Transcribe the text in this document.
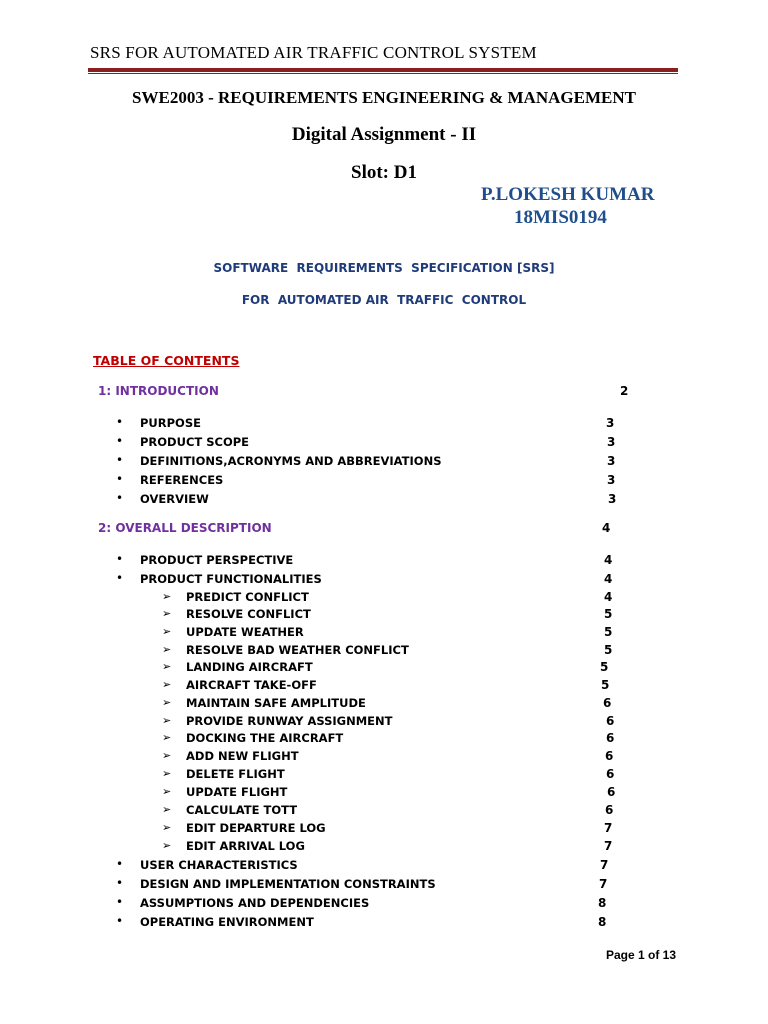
SRS FOR AUTOMATED AIR TRAFFIC CONTROL SYSTEM
SWE2003 - REQUIREMENTS ENGINEERING & MANAGEMENT
Digital Assignment - II
Slot: D1
P.LOKESH KUMAR
18MIS0194
SOFTWARE  REQUIREMENTS  SPECIFICATION [SRS]
FOR  AUTOMATED AIR  TRAFFIC  CONTROL
TABLE OF CONTENTS
1: INTRODUCTION	2
• PURPOSE	3
• PRODUCT SCOPE	3
• DEFINITIONS,ACRONYMS AND ABBREVIATIONS	3
• REFERENCES	3
• OVERVIEW	3
2: OVERALL DESCRIPTION	4
• PRODUCT PERSPECTIVE	4
• PRODUCT FUNCTIONALITIES	4
➢ PREDICT CONFLICT	4
➢ RESOLVE CONFLICT	5
➢ UPDATE WEATHER	5
➢ RESOLVE BAD WEATHER CONFLICT	5
➢ LANDING AIRCRAFT	5
➢ AIRCRAFT TAKE-OFF	5
➢ MAINTAIN SAFE AMPLITUDE	6
➢ PROVIDE RUNWAY ASSIGNMENT	6
➢ DOCKING THE AIRCRAFT	6
➢ ADD NEW FLIGHT	6
➢ DELETE FLIGHT	6
➢ UPDATE FLIGHT	6
➢ CALCULATE TOTT	6
➢ EDIT DEPARTURE LOG	7
➢ EDIT ARRIVAL LOG	7
• USER CHARACTERISTICS	7
• DESIGN AND IMPLEMENTATION CONSTRAINTS	7
• ASSUMPTIONS AND DEPENDENCIES	8
• OPERATING ENVIRONMENT	8
Page 1 of 13
